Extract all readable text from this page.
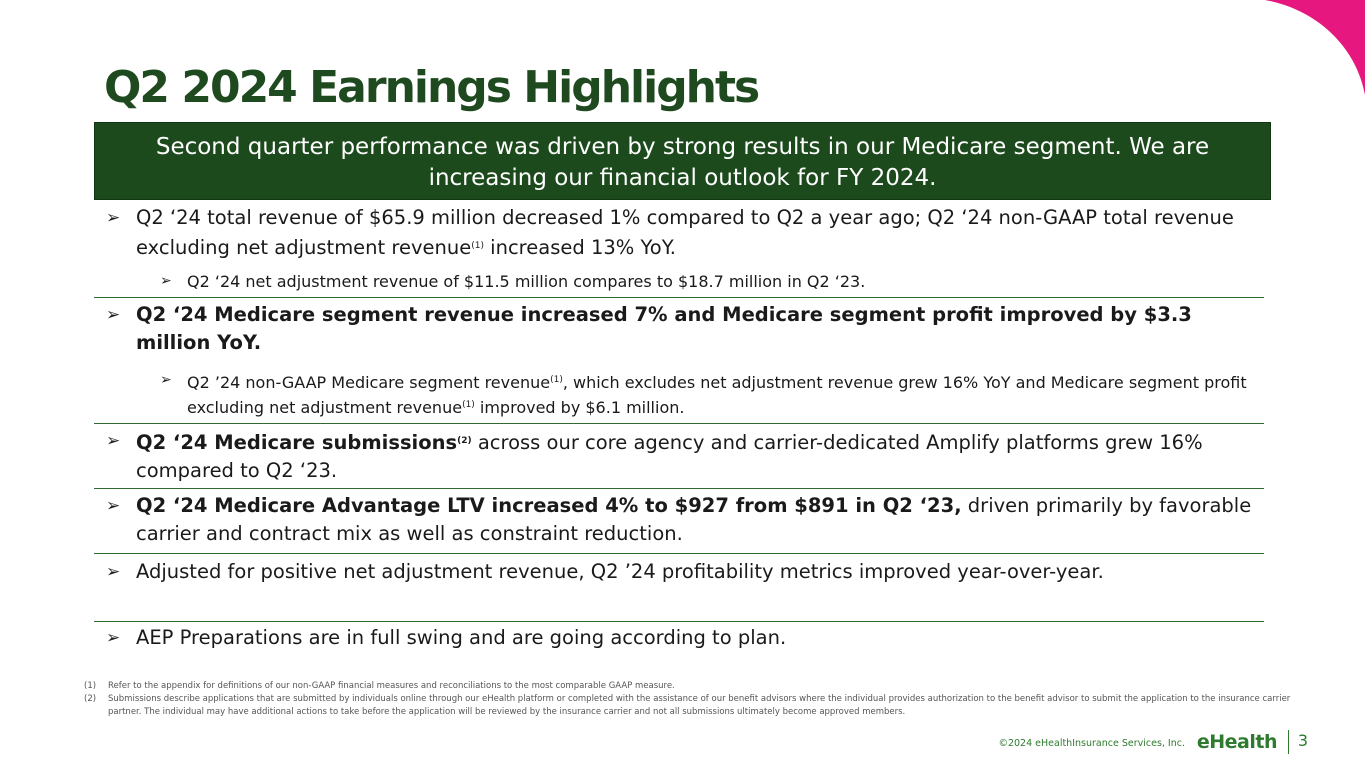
Q2 2024 Earnings Highlights
Second quarter performance was driven by strong results in our Medicare segment. We are increasing our financial outlook for FY 2024.
➢ Q2 ‘24 total revenue of $65.9 million decreased 1% compared to Q2 a year ago; Q2 ‘24 non-GAAP total revenue excluding net adjustment revenue$^{(1)}$ increased 13% YoY.
➢ Q2 ‘24 net adjustment revenue of $11.5 million compares to $18.7 million in Q2 ‘23.
➢ Q2 ‘24 Medicare segment revenue increased 7% and Medicare segment profit improved by $3.3 million YoY.
➢ Q2 ’24 non-GAAP Medicare segment revenue$^{(1)}$, which excludes net adjustment revenue grew 16% YoY and Medicare segment profit excluding net adjustment revenue$^{(1)}$ improved by $6.1 million.
➢ Q2 ‘24 Medicare submissions$^{(2)}$ across our core agency and carrier-dedicated Amplify platforms grew 16% compared to Q2 ‘23.
➢ Q2 ‘24 Medicare Advantage LTV increased 4% to $927 from $891 in Q2 ‘23, driven primarily by favorable carrier and contract mix as well as constraint reduction.
➢ Adjusted for positive net adjustment revenue, Q2 ’24 profitability metrics improved year-over-year.
➢ AEP Preparations are in full swing and are going according to plan.
(1) Refer to the appendix for definitions of our non-GAAP financial measures and reconciliations to the most comparable GAAP measure.
(2) Submissions describe applications that are submitted by individuals online through our eHealth platform or completed with the assistance of our benefit advisors where the individual provides authorization to the benefit advisor to submit the application to the insurance carrier partner. The individual may have additional actions to take before the application will be reviewed by the insurance carrier and not all submissions ultimately become approved members.
©2024 eHealthInsurance Services, Inc. eHealth 3
